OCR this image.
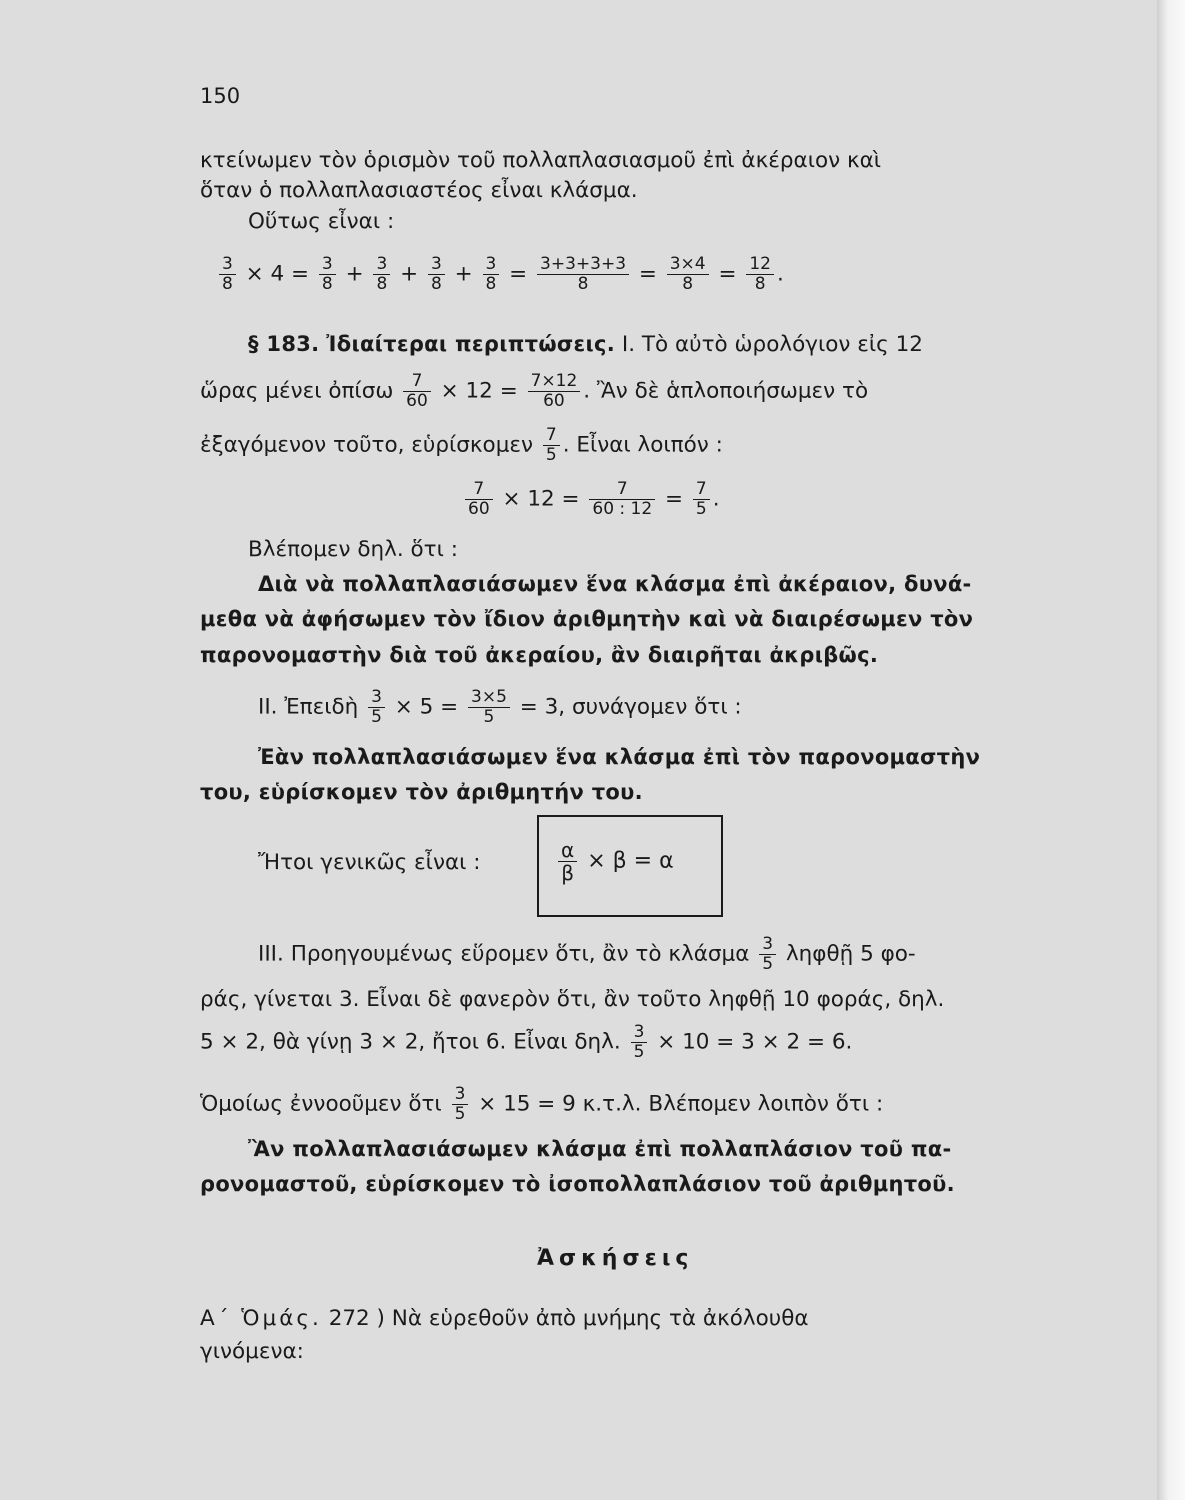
150
κτείνωμεν τὸν ὁρισμὸν τοῦ πολλαπλασιασμοῦ ἐπὶ ἀκέραιον καὶ
ὅταν ὁ πολλαπλασιαστέος εἶναι κλάσμα.
Οὕτως εἶναι :
$\frac{3}{8} \times 4 = \frac{3}{8} + \frac{3}{8} + \frac{3}{8} + \frac{3}{8} = \frac{3+3+3+3}{8} = \frac{3\times 4}{8} = \frac{12}{8}$ .
§ 183. Ἰδιαίτεραι περιπτώσεις. Ι. Τὸ αὐτὸ ὡρολόγιον εἰς 12
ὥρας μένει ὀπίσω $\frac{7}{60} \times 12 = \frac{7\times 12}{60}$ . Ἂν δὲ ἁπλοποιήσωμεν τὸ
ἐξαγόμενον τοῦτο, εὑρίσκομεν $\frac{7}{5}$ . Εἶναι λοιπόν :
$\frac{7}{60} \times 12 = \frac{7}{60 : 12} = \frac{7}{5}$ .
Βλέπομεν δηλ. ὅτι :
Διὰ νὰ πολλαπλασιάσωμεν ἕνα κλάσμα ἐπὶ ἀκέραιον, δυνά-
μεθα νὰ ἀφήσωμεν τὸν ἴδιον ἀριθμητὴν καὶ νὰ διαιρέσωμεν τὸν
παρονομαστὴν διὰ τοῦ ἀκεραίου, ἂν διαιρῆται ἀκριβῶς.
ΙΙ. Ἐπειδὴ $\frac{3}{5} \times 5 = \frac{3\times 5}{5} = 3$, συνάγομεν ὅτι :
Ἐὰν πολλαπλασιάσωμεν ἕνα κλάσμα ἐπὶ τὸν παρονομαστὴν
του, εὑρίσκομεν τὸν ἀριθμητήν του.
Ἤτοι γενικῶς εἶναι :	$\frac{\alpha}{\beta} \times \beta = \alpha$
ΙΙΙ. Προηγουμένως εὕρομεν ὅτι, ἂν τὸ κλάσμα $\frac{3}{5}$ ληφθῇ 5 φο-
ράς, γίνεται 3. Εἶναι δὲ φανερὸν ὅτι, ἂν τοῦτο ληφθῇ 10 φοράς, δηλ.
5 × 2, θὰ γίνῃ 3 × 2, ἤτοι 6. Εἶναι δηλ. $\frac{3}{5} \times 10 = 3 \times 2 = 6$.
Ὁμοίως ἐννοοῦμεν ὅτι $\frac{3}{5} \times 15 = 9$ κ.τ.λ. Βλέπομεν λοιπὸν ὅτι :
Ἂν πολλαπλασιάσωμεν κλάσμα ἐπὶ πολλαπλάσιον τοῦ πα-
ρονομαστοῦ, εὑρίσκομεν τὸ ἰσοπολλαπλάσιον τοῦ ἀριθμητοῦ.
Ἀσκήσεις
Α΄ Ὁμάς. 272 ) Νὰ εὑρεθοῦν ἀπὸ μνήμης τὰ ἀκόλουθα
γινόμενα:
